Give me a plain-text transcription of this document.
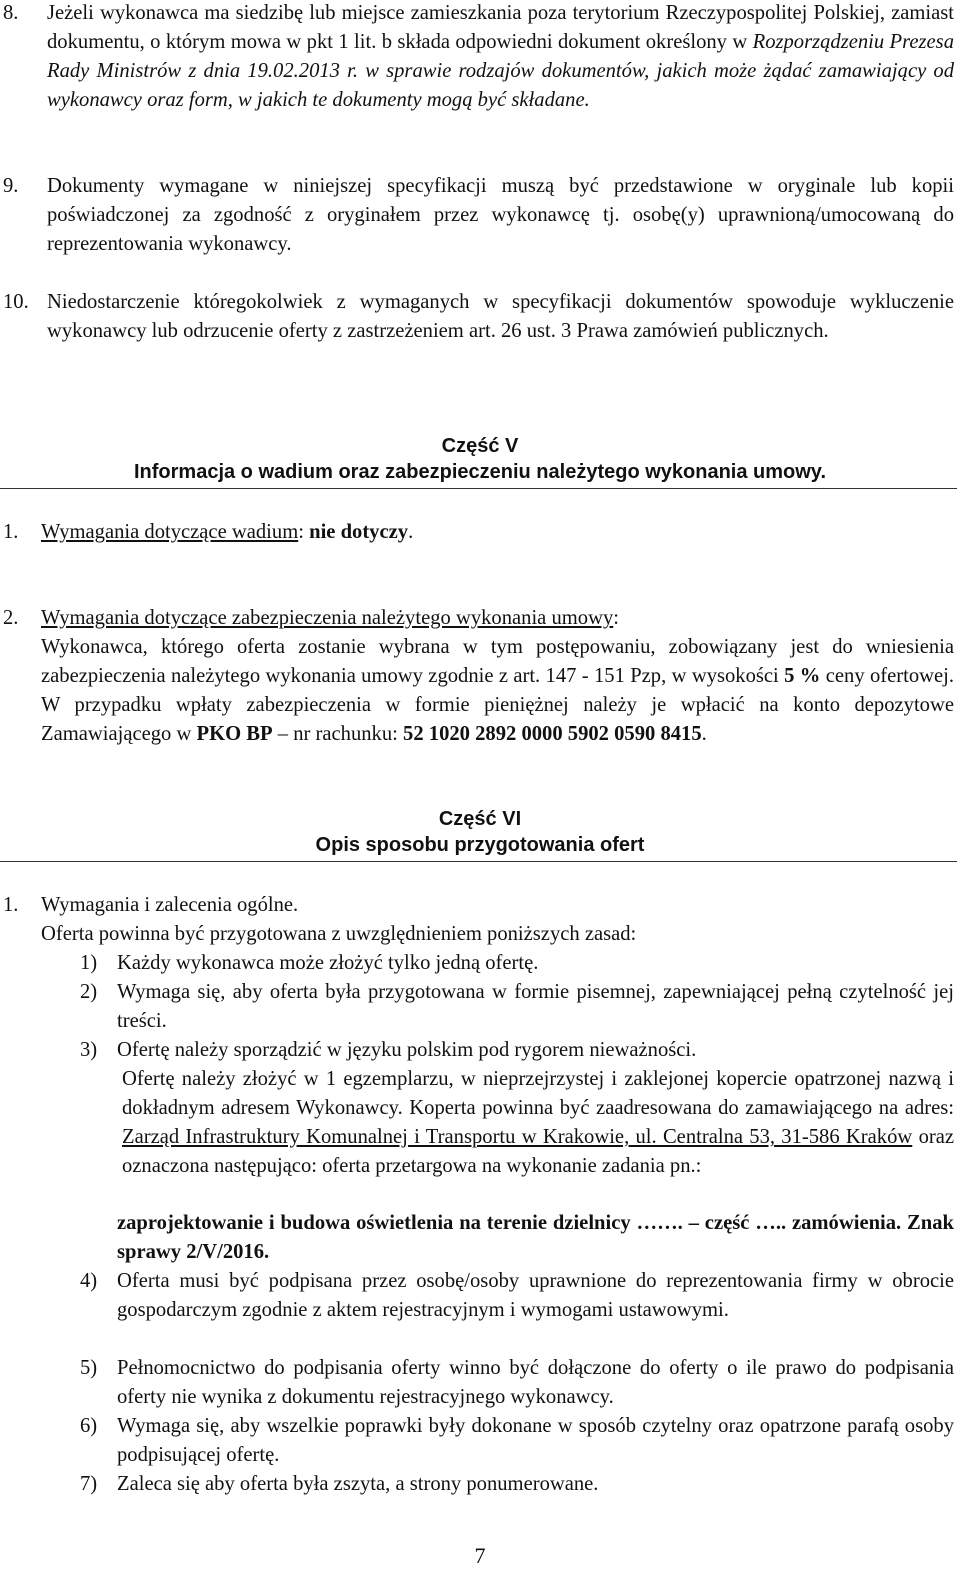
8. Jeżeli wykonawca ma siedzibę lub miejsce zamieszkania poza terytorium Rzeczypospolitej Polskiej, zamiast dokumentu, o którym mowa w pkt 1 lit. b składa odpowiedni dokument określony w Rozporządzeniu Prezesa Rady Ministrów z dnia 19.02.2013 r. w sprawie rodzajów dokumentów, jakich może żądać zamawiający od wykonawcy oraz form, w jakich te dokumenty mogą być składane.
9. Dokumenty wymagane w niniejszej specyfikacji muszą być przedstawione w oryginale lub kopii poświadczonej za zgodność z oryginałem przez wykonawcę tj. osobę(y) uprawnioną/umocowaną do reprezentowania wykonawcy.
10. Niedostarczenie któregokolwiek z wymaganych w specyfikacji dokumentów spowoduje wykluczenie wykonawcy lub odrzucenie oferty z zastrzeżeniem art. 26 ust. 3 Prawa zamówień publicznych.
Część V
Informacja o wadium oraz zabezpieczeniu należytego wykonania umowy.
1. Wymagania dotyczące wadium: nie dotyczy.
2. Wymagania dotyczące zabezpieczenia należytego wykonania umowy:
Wykonawca, którego oferta zostanie wybrana w tym postępowaniu, zobowiązany jest do wniesienia zabezpieczenia należytego wykonania umowy zgodnie z art. 147 - 151 Pzp, w wysokości 5 % ceny ofertowej. W przypadku wpłaty zabezpieczenia w formie pieniężnej należy je wpłacić na konto depozytowe Zamawiającego w PKO BP – nr rachunku: 52 1020 2892 0000 5902 0590 8415.
Część VI
Opis sposobu przygotowania ofert
1. Wymagania i zalecenia ogólne.
Oferta powinna być przygotowana z uwzględnieniem poniższych zasad:
1) Każdy wykonawca może złożyć tylko jedną ofertę.
2) Wymaga się, aby oferta była przygotowana w formie pisemnej, zapewniającej pełną czytelność jej treści.
3) Ofertę należy sporządzić w języku polskim pod rygorem nieważności.
Ofertę należy złożyć w 1 egzemplarzu, w nieprzejrzystej i zaklejonej kopercie opatrzonej nazwą i dokładnym adresem Wykonawcy. Koperta powinna być zaadresowana do zamawiającego na adres: Zarząd Infrastruktury Komunalnej i Transportu w Krakowie, ul. Centralna 53, 31-586 Kraków oraz oznaczona następująco: oferta przetargowa na wykonanie zadania pn.:
zaprojektowanie i budowa oświetlenia na terenie dzielnicy ……. – część ….. zamówienia. Znak sprawy 2/V/2016.
4) Oferta musi być podpisana przez osobę/osoby uprawnione do reprezentowania firmy w obrocie gospodarczym zgodnie z aktem rejestracyjnym i wymogami ustawowymi.
5) Pełnomocnictwo do podpisania oferty winno być dołączone do oferty o ile prawo do podpisania oferty nie wynika z dokumentu rejestracyjnego wykonawcy.
6) Wymaga się, aby wszelkie poprawki były dokonane w sposób czytelny oraz opatrzone parafą osoby podpisującej ofertę.
7) Zaleca się aby oferta była zszyta, a strony ponumerowane.
7
